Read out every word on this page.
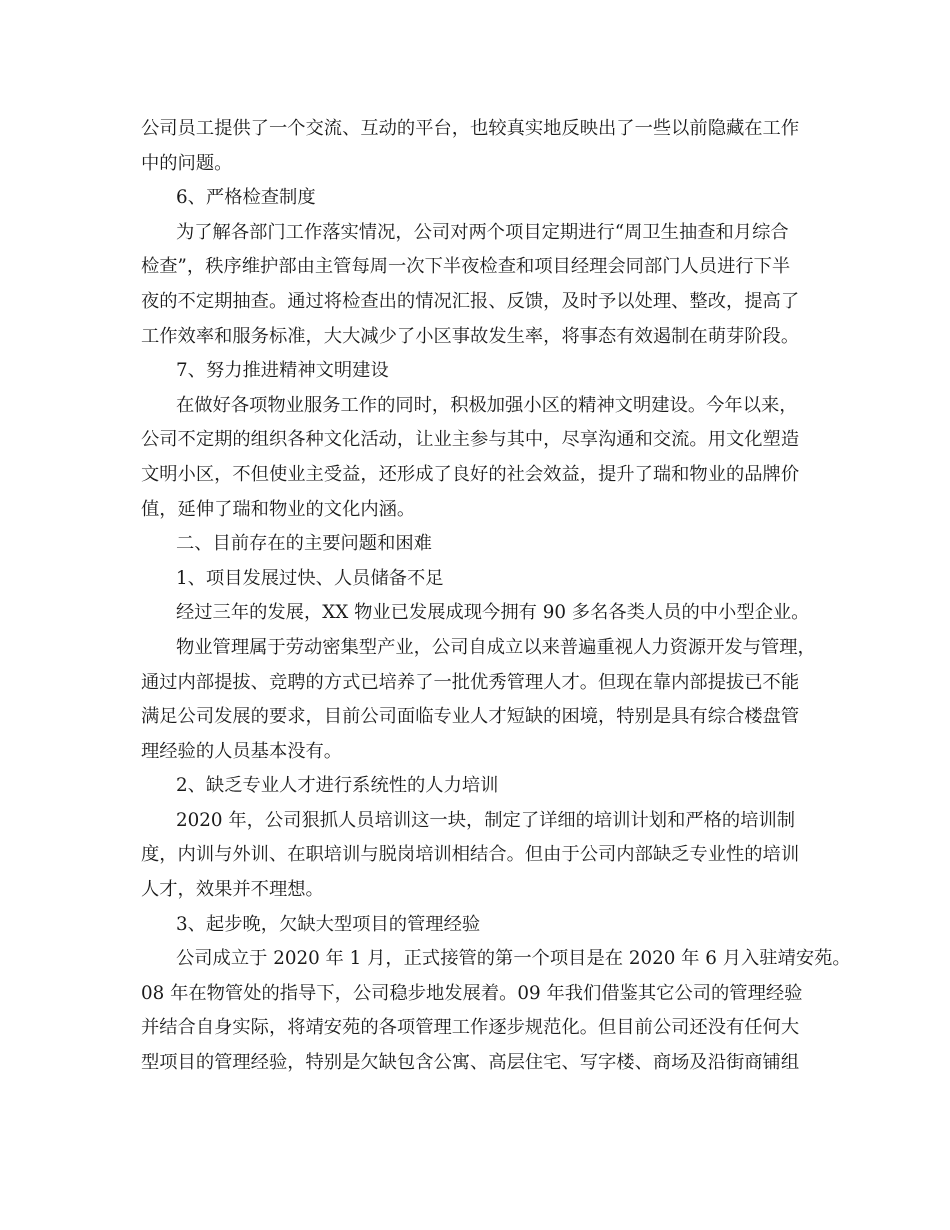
公司员工提供了一个交流、互动的平台，也较真实地反映出了一些以前隐藏在工作
中的问题。
6、严格检查制度
为了解各部门工作落实情况，公司对两个项目定期进行“周卫生抽查和月综合
检查”，秩序维护部由主管每周一次下半夜检查和项目经理会同部门人员进行下半
夜的不定期抽查。通过将检查出的情况汇报、反馈，及时予以处理、整改，提高了
工作效率和服务标准，大大减少了小区事故发生率，将事态有效遏制在萌芽阶段。
7、努力推进精神文明建设
在做好各项物业服务工作的同时，积极加强小区的精神文明建设。今年以来，
公司不定期的组织各种文化活动，让业主参与其中，尽享沟通和交流。用文化塑造
文明小区，不但使业主受益，还形成了良好的社会效益，提升了瑞和物业的品牌价
值，延伸了瑞和物业的文化内涵。
二、目前存在的主要问题和困难
1、项目发展过快、人员储备不足
经过三年的发展，XX 物业已发展成现今拥有 90 多名各类人员的中小型企业。
物业管理属于劳动密集型产业，公司自成立以来普遍重视人力资源开发与管理，
通过内部提拔、竞聘的方式已培养了一批优秀管理人才。但现在靠内部提拔已不能
满足公司发展的要求，目前公司面临专业人才短缺的困境，特别是具有综合楼盘管
理经验的人员基本没有。
2、缺乏专业人才进行系统性的人力培训
2020 年，公司狠抓人员培训这一块，制定了详细的培训计划和严格的培训制
度，内训与外训、在职培训与脱岗培训相结合。但由于公司内部缺乏专业性的培训
人才，效果并不理想。
3、起步晚，欠缺大型项目的管理经验
公司成立于 2020 年 1 月，正式接管的第一个项目是在 2020 年 6 月入驻靖安苑。
08 年在物管处的指导下，公司稳步地发展着。09 年我们借鉴其它公司的管理经验
并结合自身实际，将靖安苑的各项管理工作逐步规范化。但目前公司还没有任何大
型项目的管理经验，特别是欠缺包含公寓、高层住宅、写字楼、商场及沿街商铺组
